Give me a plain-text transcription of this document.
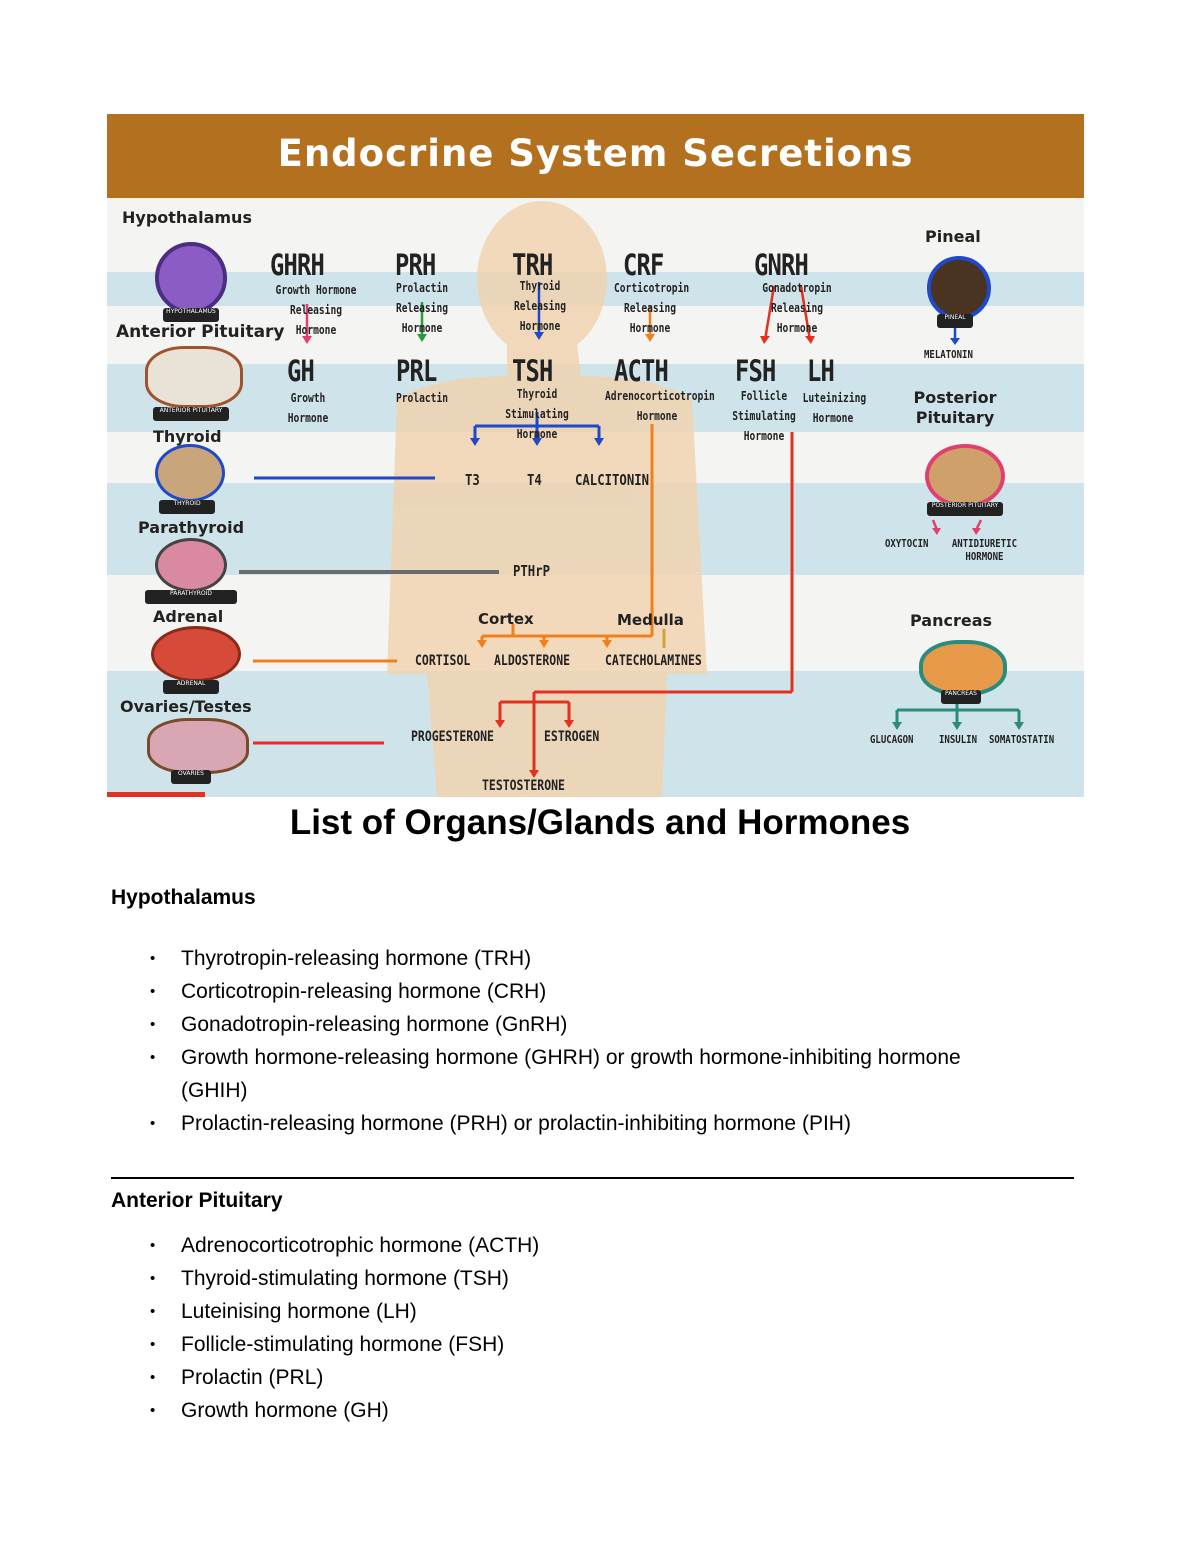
HYPOTHALAMUS
ANTERIOR PITUITARY
THYROID
PARATHYROID
ADRENAL
OVARIES
PINEAL
POSTERIOR PITUITARY
PANCREAS
Endocrine System Secretions
Hypothalamus
Anterior Pituitary
Thyroid
Parathyroid
Adrenal
Ovaries/Testes
Pineal
Posterior Pituitary
Pancreas
GHRH
Growth Hormone Releasing Hormone
PRH
Prolactin Releasing Hormone
TRH
Thyroid Releasing Hormone
CRF
Corticotropin Releasing Hormone
GNRH
Gonadotropin Releasing Hormone
GH
Growth Hormone
PRL
Prolactin
TSH
Thyroid Stimulating Hormone
ACTH
Adrenocorticotropin Hormone
FSH
Follicle Stimulating Hormone
LH
Luteinizing Hormone
T3	T4 CALCITONIN
PTHrP
Cortex	Medulla
CORTISOL ALDOSTERONE CATECHOLAMINES
PROGESTERONE	ESTROGEN
TESTOSTERONE
MELATONIN
OXYTOCIN ANTIDIURETIC HORMONE
GLUCAGON INSULIN SOMATOSTATIN
List of Organs/Glands and Hormones
Hypothalamus
• Thyrotropin-releasing hormone (TRH)
• Corticotropin-releasing hormone (CRH)
• Gonadotropin-releasing hormone (GnRH)
• Growth hormone-releasing hormone (GHRH) or growth hormone-inhibiting hormone (GHIH)
• Prolactin-releasing hormone (PRH) or prolactin-inhibiting hormone (PIH)
Anterior Pituitary
• Adrenocorticotrophic hormone (ACTH)
• Thyroid-stimulating hormone (TSH)
• Luteinising hormone (LH)
• Follicle-stimulating hormone (FSH)
• Prolactin (PRL)
• Growth hormone (GH)
